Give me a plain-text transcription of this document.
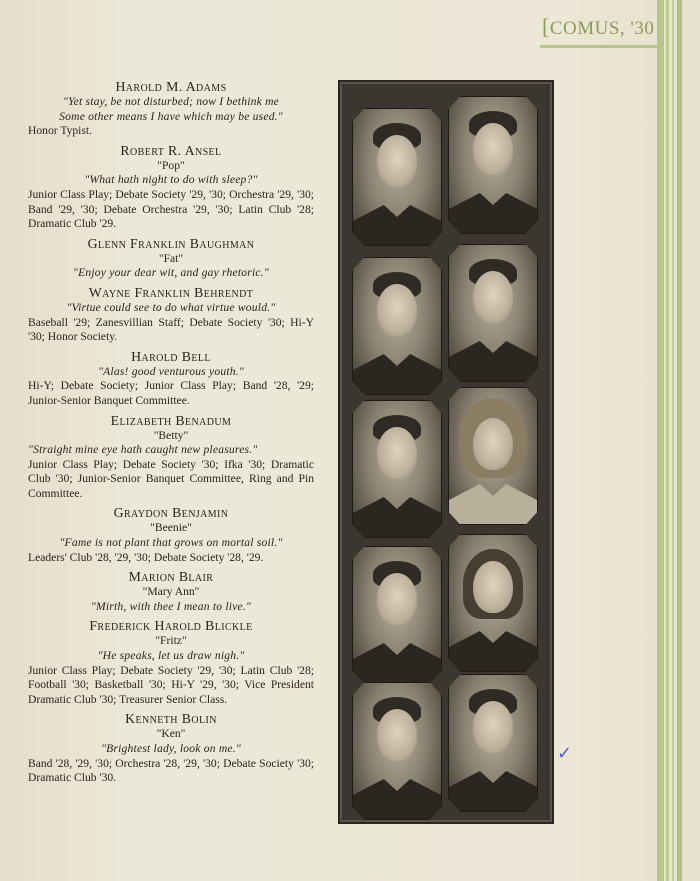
[COMUS, '30
Harold M. Adams
"Yet stay, be not disturbed; now I bethink me
Some other means I have which may be used."
Honor Typist.
Robert R. Ansel
"Pop"
"What hath night to do with sleep?"
Junior Class Play; Debate Society '29, '30; Orchestra '29, '30; Band '29, '30; Debate Orchestra '29, '30; Latin Club '28; Dramatic Club '29.
Glenn Franklin Baughman
"Fat"
"Enjoy your dear wit, and gay rhetoric."
Wayne Franklin Behrendt
"Virtue could see to do what virtue would."
Baseball '29; Zanesvillian Staff; Debate Society '30; Hi-Y '30; Honor Society.
Harold Bell
"Alas! good venturous youth."
Hi-Y; Debate Society; Junior Class Play; Band '28, '29; Junior-Senior Banquet Committee.
Elizabeth Benadum
"Betty"
"Straight mine eye hath caught new pleasures."
Junior Class Play; Debate Society '30; Ifka '30; Dramatic Club '30; Junior-Senior Banquet Committee, Ring and Pin Committee.
Graydon Benjamin
"Beenie"
"Fame is not plant that grows on mortal soil."
Leaders' Club '28, '29, '30; Debate Society '28, '29.
Marion Blair
"Mary Ann"
"Mirth, with thee I mean to live."
Frederick Harold Blickle
"Fritz"
"He speaks, let us draw nigh."
Junior Class Play; Debate Society '29, '30; Latin Club '28; Football '30; Basketball '30; Hi-Y '29, '30; Vice President Dramatic Club '30; Treasurer Senior Class.
Kenneth Bolin
"Ken"
"Brightest lady, look on me."
Band '28, '29, '30; Orchestra '28, '29, '30; Debate Society '30; Dramatic Club '30.
✓
